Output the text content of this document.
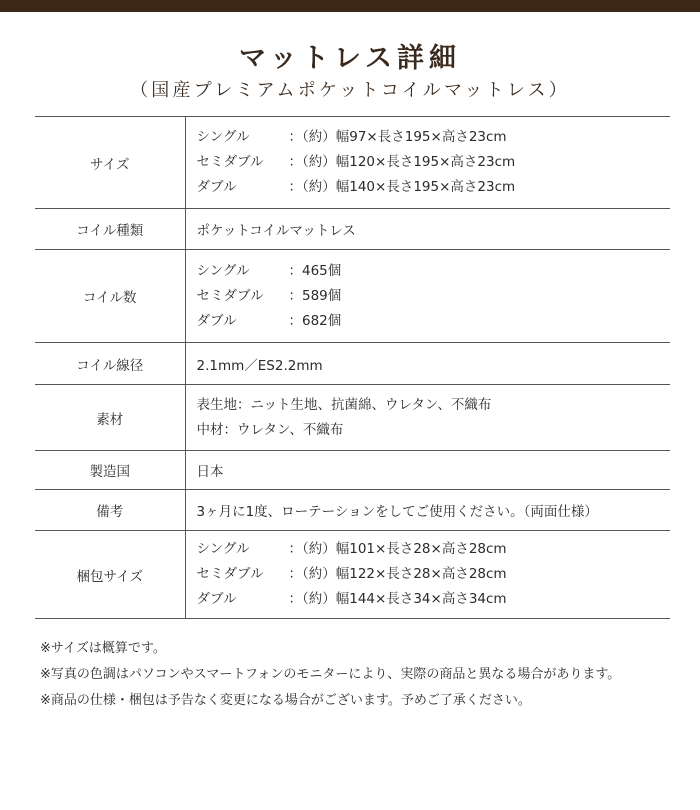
マットレス詳細
（国産プレミアムポケットコイルマットレス）
サイズ	シングル ：（約）幅97×長さ195×高さ23cm
セミダブル ：（約）幅120×長さ195×高さ23cm
ダブル ：（約）幅140×長さ195×高さ23cm

コイル種類	ポケットコイルマットレス
コイル数	シングル ：465個
セミダブル ：589個
ダブル ：682個

コイル線径	2.1mm／ES2.2mm
素材	表生地：ニット生地、抗菌綿、ウレタン、不織布
中材：ウレタン、不織布

製造国	日本
備考	3ヶ月に1度、ローテーションをしてご使用ください。（両面仕様）
梱包サイズ	シングル ：（約）幅101×長さ28×高さ28cm
セミダブル ：（約）幅122×長さ28×高さ28cm
ダブル ：（約）幅144×長さ34×高さ34cm
※サイズは概算です。
※写真の色調はパソコンやスマートフォンのモニターにより、実際の商品と異なる場合があります。
※商品の仕様・梱包は予告なく変更になる場合がございます。予めご了承ください。
